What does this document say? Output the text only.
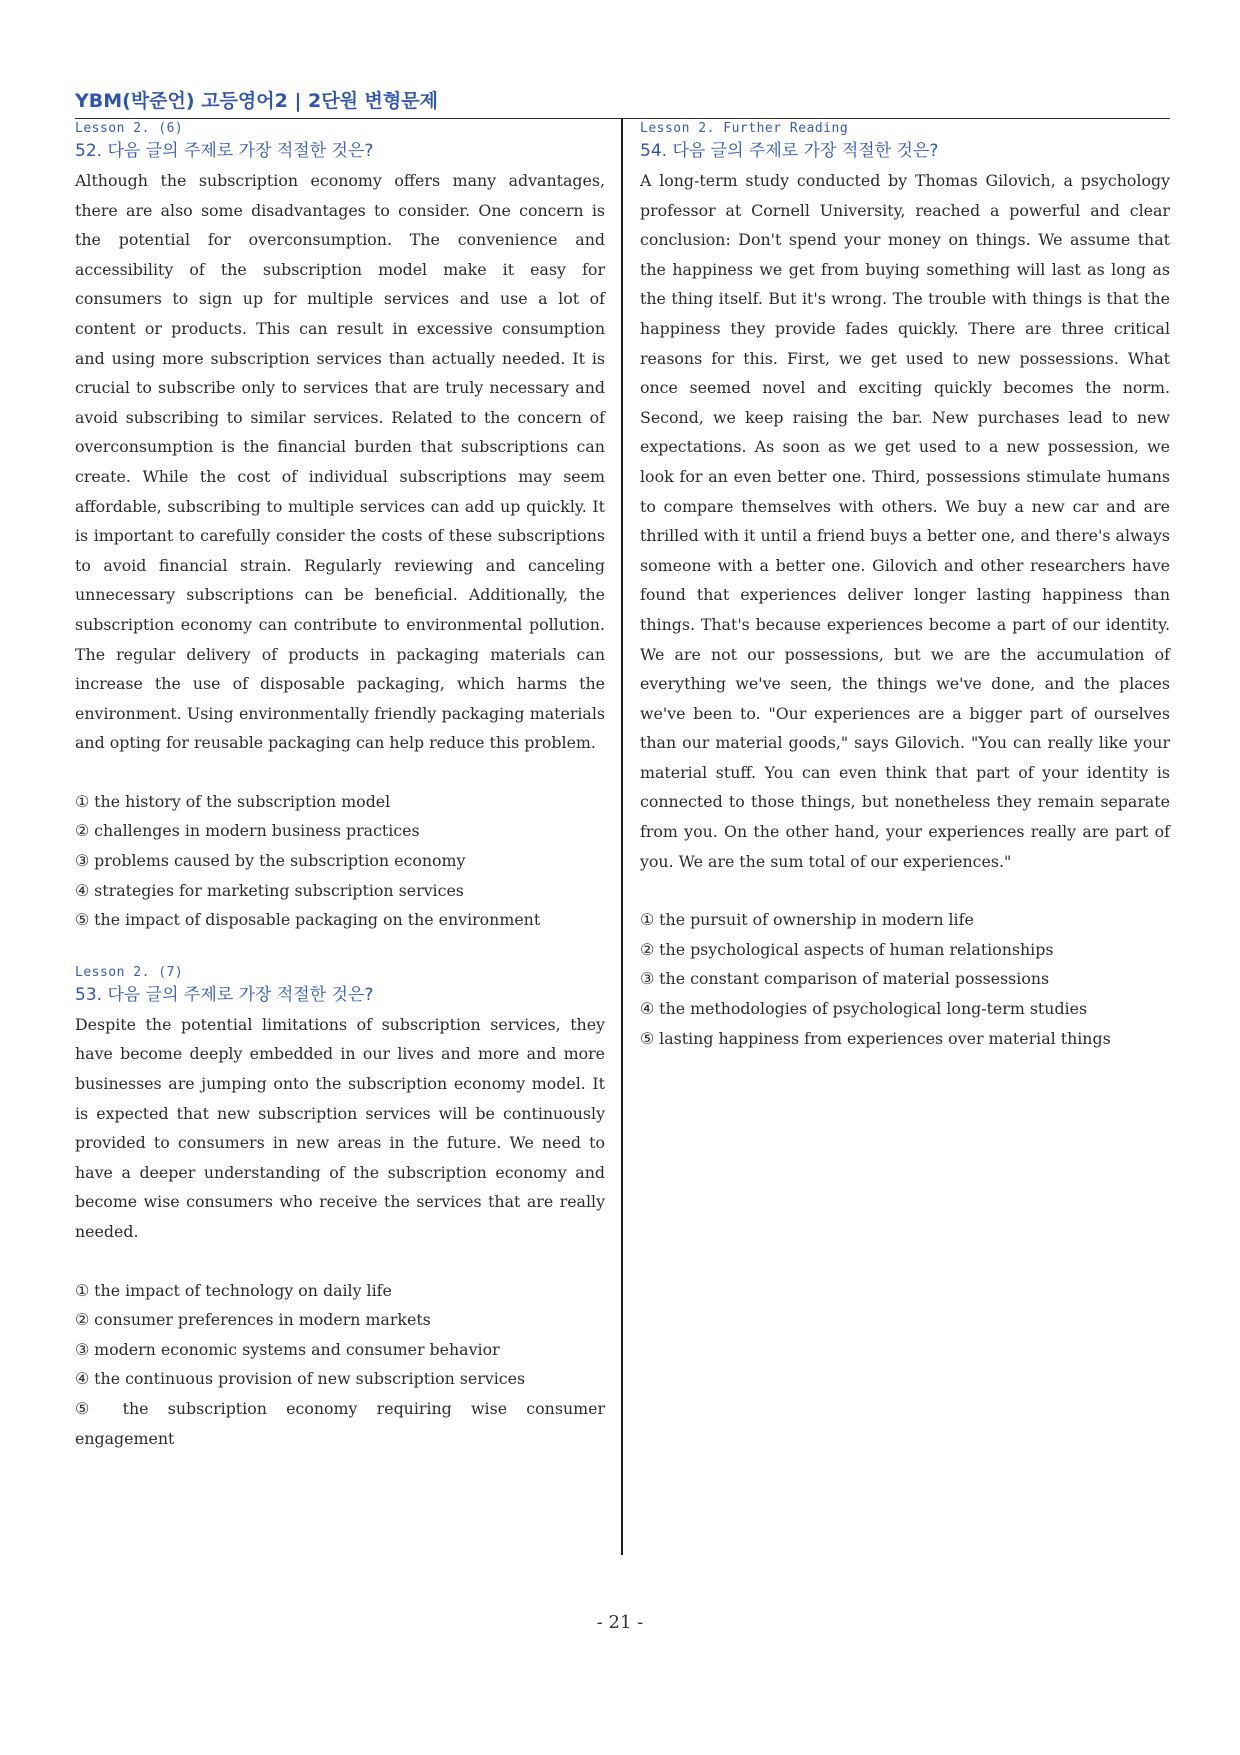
YBM(박준언) 고등영어2 | 2단원 변형문제
Lesson 2. (6)
52. 다음 글의 주제로 가장 적절한 것은?

Although the subscription economy offers many advantages, there are also some disadvantages to consider. One concern is the potential for overconsumption. The convenience and accessibility of the subscription model make it easy for consumers to sign up for multiple services and use a lot of content or products. This can result in excessive consumption and using more subscription services than actually needed. It is crucial to subscribe only to services that are truly necessary and avoid subscribing to similar services. Related to the concern of overconsumption is the financial burden that subscriptions can create. While the cost of individual subscriptions may seem affordable, subscribing to multiple services can add up quickly. It is important to carefully consider the costs of these subscriptions to avoid financial strain. Regularly reviewing and canceling unnecessary subscriptions can be beneficial. Additionally, the subscription economy can contribute to environmental pollution. The regular delivery of products in packaging materials can increase the use of disposable packaging, which harms the environment. Using environmentally friendly packaging materials and opting for reusable packaging can help reduce this problem.

① the history of the subscription model
② challenges in modern business practices
③ problems caused by the subscription economy
④ strategies for marketing subscription services
⑤ the impact of disposable packaging on the environment
Lesson 2. (7)
53. 다음 글의 주제로 가장 적절한 것은?

Despite the potential limitations of subscription services, they have become deeply embedded in our lives and more and more businesses are jumping onto the subscription economy model. It is expected that new subscription services will be continuously provided to consumers in new areas in the future. We need to have a deeper understanding of the subscription economy and become wise consumers who receive the services that are really needed.

① the impact of technology on daily life
② consumer preferences in modern markets
③ modern economic systems and consumer behavior
④ the continuous provision of new subscription services
⑤ the subscription economy requiring wise consumer engagement
Lesson 2. Further Reading
54. 다음 글의 주제로 가장 적절한 것은?

A long-term study conducted by Thomas Gilovich, a psychology professor at Cornell University, reached a powerful and clear conclusion: Don't spend your money on things. We assume that the happiness we get from buying something will last as long as the thing itself. But it's wrong. The trouble with things is that the happiness they provide fades quickly. There are three critical reasons for this. First, we get used to new possessions. What once seemed novel and exciting quickly becomes the norm. Second, we keep raising the bar. New purchases lead to new expectations. As soon as we get used to a new possession, we look for an even better one. Third, possessions stimulate humans to compare themselves with others. We buy a new car and are thrilled with it until a friend buys a better one, and there's always someone with a better one. Gilovich and other researchers have found that experiences deliver longer lasting happiness than things. That's because experiences become a part of our identity. We are not our possessions, but we are the accumulation of everything we've seen, the things we've done, and the places we've been to. "Our experiences are a bigger part of ourselves than our material goods," says Gilovich. "You can really like your material stuff. You can even think that part of your identity is connected to those things, but nonetheless they remain separate from you. On the other hand, your experiences really are part of you. We are the sum total of our experiences."

① the pursuit of ownership in modern life
② the psychological aspects of human relationships
③ the constant comparison of material possessions
④ the methodologies of psychological long-term studies
⑤ lasting happiness from experiences over material things
- 21 -
